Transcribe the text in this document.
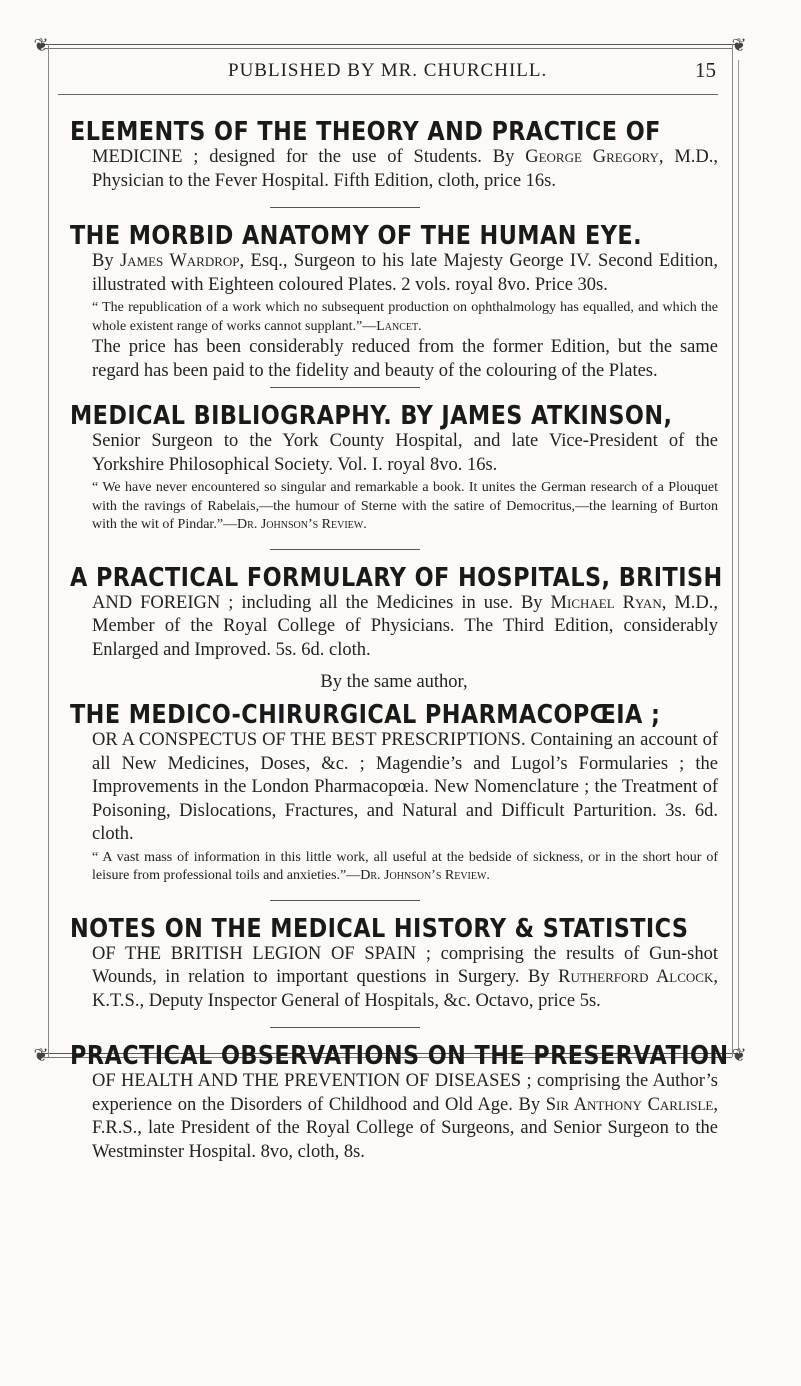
❦	❦
❦	❦
PUBLISHED BY MR. CHURCHILL.	15
ELEMENTS OF THE THEORY AND PRACTICE OF
MEDICINE ; designed for the use of Students. By George Gregory, M.D., Physician to the Fever Hospital. Fifth Edition, cloth, price 16s.
THE MORBID ANATOMY OF THE HUMAN EYE.
By James Wardrop, Esq., Surgeon to his late Majesty George IV. Second Edition, illustrated with Eighteen coloured Plates. 2 vols. royal 8vo. Price 30s.
“ The republication of a work which no subsequent production on ophthalmology has equalled, and which the whole existent range of works cannot supplant.”—Lancet.
The price has been considerably reduced from the former Edition, but the same regard has been paid to the fidelity and beauty of the colouring of the Plates.
MEDICAL BIBLIOGRAPHY. BY JAMES ATKINSON,
Senior Surgeon to the York County Hospital, and late Vice-President of the Yorkshire Philosophical Society. Vol. I. royal 8vo. 16s.
“ We have never encountered so singular and remarkable a book. It unites the German research of a Plouquet with the ravings of Rabelais,—the humour of Sterne with the satire of Democritus,—the learning of Burton with the wit of Pindar.”—Dr. Johnson’s Review.
A PRACTICAL FORMULARY OF HOSPITALS, BRITISH
AND FOREIGN ; including all the Medicines in use. By Michael Ryan, M.D., Member of the Royal College of Physicians. The Third Edition, considerably Enlarged and Improved. 5s. 6d. cloth.
By the same author,
THE MEDICO-CHIRURGICAL PHARMACOPŒIA ;
OR A CONSPECTUS OF THE BEST PRESCRIPTIONS. Containing an account of all New Medicines, Doses, &c. ; Magendie’s and Lugol’s Formularies ; the Improvements in the London Pharmacopœia. New Nomenclature ; the Treatment of Poisoning, Dislocations, Fractures, and Natural and Difficult Parturition. 3s. 6d. cloth.
“ A vast mass of information in this little work, all useful at the bedside of sickness, or in the short hour of leisure from professional toils and anxieties.”—Dr. Johnson’s Review.
NOTES ON THE MEDICAL HISTORY & STATISTICS
OF THE BRITISH LEGION OF SPAIN ; comprising the results of Gun-shot Wounds, in relation to important questions in Surgery. By Rutherford Alcock, K.T.S., Deputy Inspector General of Hospitals, &c. Octavo, price 5s.
PRACTICAL OBSERVATIONS ON THE PRESERVATION
OF HEALTH AND THE PREVENTION OF DISEASES ; comprising the Author’s experience on the Disorders of Childhood and Old Age. By Sir Anthony Carlisle, F.R.S., late President of the Royal College of Surgeons, and Senior Surgeon to the Westminster Hospital. 8vo, cloth, 8s.
